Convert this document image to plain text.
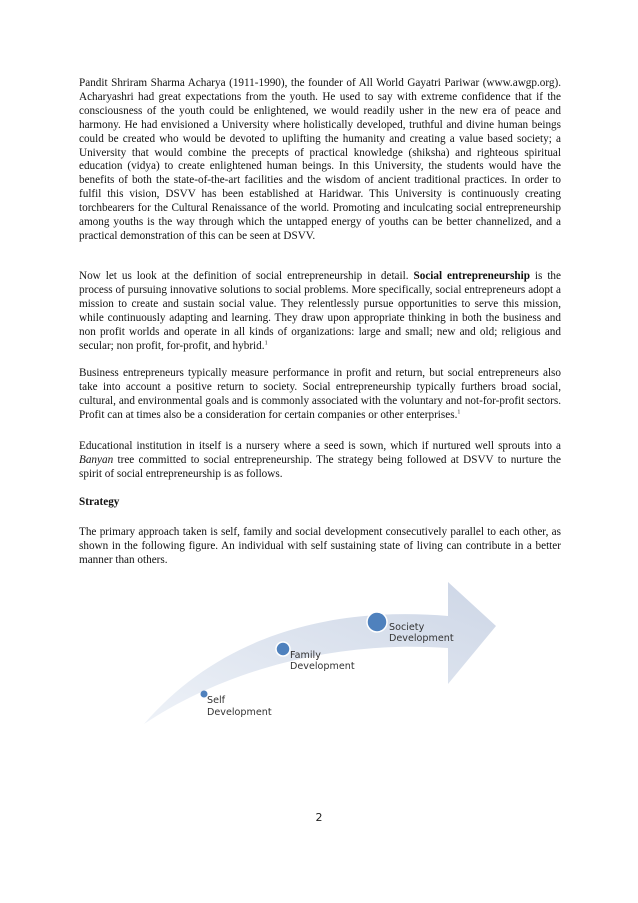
Pandit Shriram Sharma Acharya (1911-1990), the founder of All World Gayatri Pariwar (www.awgp.org). Acharyashri had great expectations from the youth. He used to say with extreme confidence that if the consciousness of the youth could be enlightened, we would readily usher in the new era of peace and harmony. He had envisioned a University where holistically developed, truthful and divine human beings could be created who would be devoted to uplifting the humanity and creating a value based society; a University that would combine the precepts of practical knowledge (shiksha) and righteous spiritual education (vidya) to create enlightened human beings. In this University, the students would have the benefits of both the state-of-the-art facilities and the wisdom of ancient traditional practices. In order to fulfil this vision, DSVV has been established at Haridwar. This University is continuously creating torchbearers for the Cultural Renaissance of the world. Promoting and inculcating social entrepreneurship among youths is the way through which the untapped energy of youths can be better channelized, and a practical demonstration of this can be seen at DSVV.

Now let us look at the definition of social entrepreneurship in detail. Social entrepreneurship is the process of pursuing innovative solutions to social problems. More specifically, social entrepreneurs adopt a mission to create and sustain social value. They relentlessly pursue opportunities to serve this mission, while continuously adapting and learning. They draw upon appropriate thinking in both the business and non profit worlds and operate in all kinds of organizations: large and small; new and old; religious and secular; non profit, for-profit, and hybrid.$^1$

Business entrepreneurs typically measure performance in profit and return, but social entrepreneurs also take into account a positive return to society. Social entrepreneurship typically furthers broad social, cultural, and environmental goals and is commonly associated with the voluntary and not-for-profit sectors. Profit can at times also be a consideration for certain companies or other enterprises.$^1$

Educational institution in itself is a nursery where a seed is sown, which if nurtured well sprouts into a Banyan tree committed to social entrepreneurship. The strategy being followed at DSVV to nurture the spirit of social entrepreneurship is as follows.

Strategy

The primary approach taken is self, family and social development consecutively parallel to each other, as shown in the following figure. An individual with self sustaining state of living can contribute in a better manner than others.

Self
Development
Family
Development
Society
Development
2
